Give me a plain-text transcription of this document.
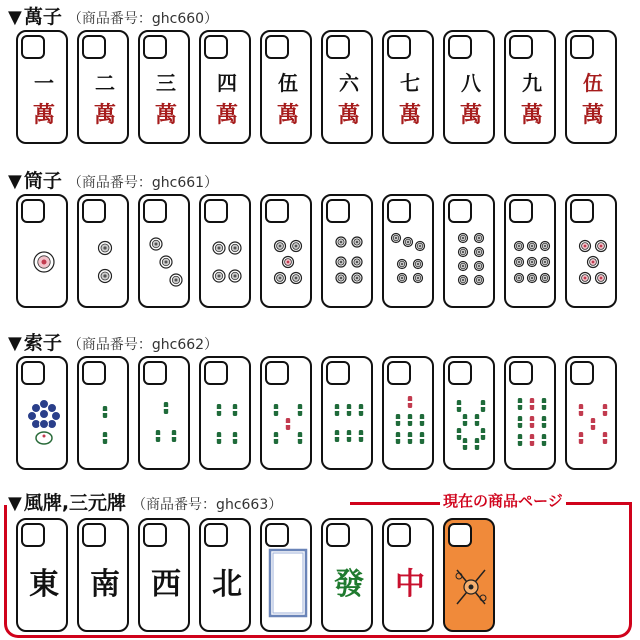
▼ 萬子 （商品番号：ghc660）
一
萬
二
萬
三
萬
四
萬
伍
萬
六
萬
七
萬
八
萬
九
萬
伍
萬
▼ 筒子 （商品番号：ghc661）
▼ 索子 （商品番号：ghc662）
現在の商品ページ
▼ 風牌,三元牌 （商品番号：ghc663）
東 南 西 北	發 中
